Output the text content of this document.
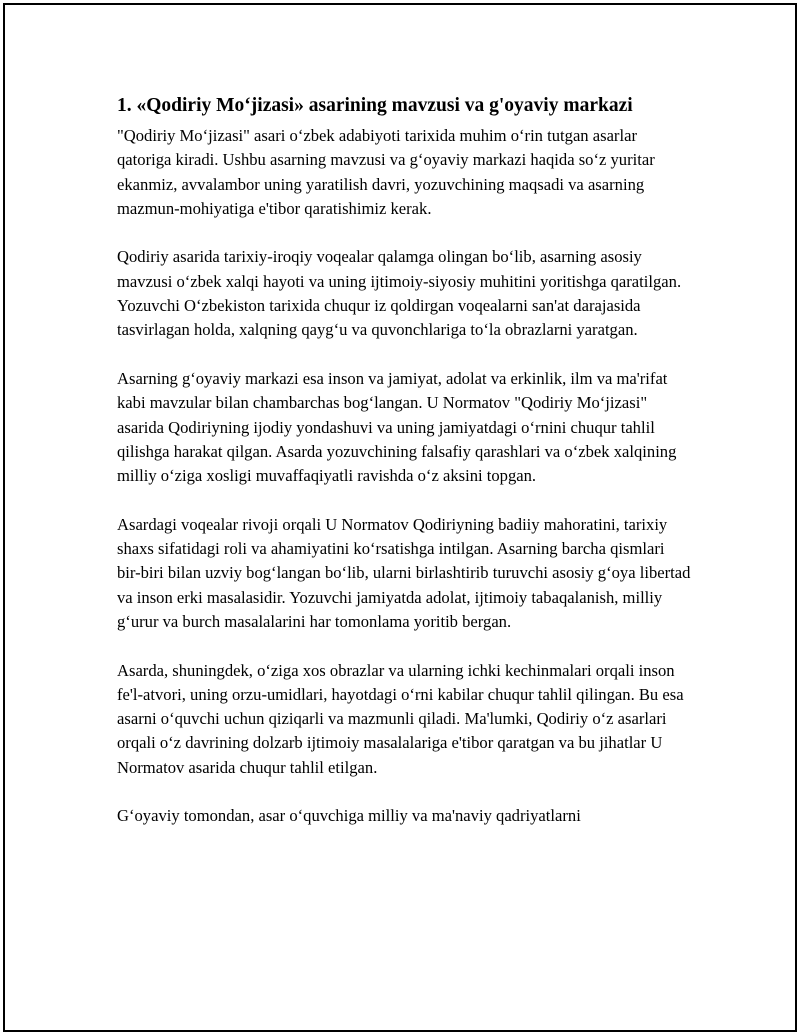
1. «Qodiriy Mo‘jizasi» asarining mavzusi va g'oyaviy markazi

"Qodiriy Mo‘jizasi" asari o‘zbek adabiyoti tarixida muhim o‘rin tutgan asarlar qatoriga kiradi. Ushbu asarning mavzusi va g‘oyaviy markazi haqida so‘z yuritar ekanmiz, avvalambor uning yaratilish davri, yozuvchining maqsadi va asarning mazmun-mohiyatiga e'tibor qaratishimiz kerak.

Qodiriy asarida tarixiy-iroqiy voqealar qalamga olingan bo‘lib, asarning asosiy mavzusi o‘zbek xalqi hayoti va uning ijtimoiy-siyosiy muhitini yoritishga qaratilgan. Yozuvchi O‘zbekiston tarixida chuqur iz qoldirgan voqealarni san'at darajasida tasvirlagan holda, xalqning qayg‘u va quvonchlariga to‘la obrazlarni yaratgan.

Asarning g‘oyaviy markazi esa inson va jamiyat, adolat va erkinlik, ilm va ma'rifat kabi mavzular bilan chambarchas bog‘langan. U Normatov "Qodiriy Mo‘jizasi" asarida Qodiriyning ijodiy yondashuvi va uning jamiyatdagi o‘rnini chuqur tahlil qilishga harakat qilgan. Asarda yozuvchining falsafiy qarashlari va o‘zbek xalqining milliy o‘ziga xosligi muvaffaqiyatli ravishda o‘z aksini topgan.

Asardagi voqealar rivoji orqali U Normatov Qodiriyning badiiy mahoratini, tarixiy shaxs sifatidagi roli va ahamiyatini ko‘rsatishga intilgan. Asarning barcha qismlari bir-biri bilan uzviy bog‘langan bo‘lib, ularni birlashtirib turuvchi asosiy g‘oya libertad va inson erki masalasidir. Yozuvchi jamiyatda adolat, ijtimoiy tabaqalanish, milliy g‘urur va burch masalalarini har tomonlama yoritib bergan.

Asarda, shuningdek, o‘ziga xos obrazlar va ularning ichki kechinmalari orqali inson fe'l-atvori, uning orzu-umidlari, hayotdagi o‘rni kabilar chuqur tahlil qilingan. Bu esa asarni o‘quvchi uchun qiziqarli va mazmunli qiladi. Ma'lumki, Qodiriy o‘z asarlari orqali o‘z davrining dolzarb ijtimoiy masalalariga e'tibor qaratgan va bu jihatlar U Normatov asarida chuqur tahlil etilgan.

G‘oyaviy tomondan, asar o‘quvchiga milliy va ma'naviy qadriyatlarni
